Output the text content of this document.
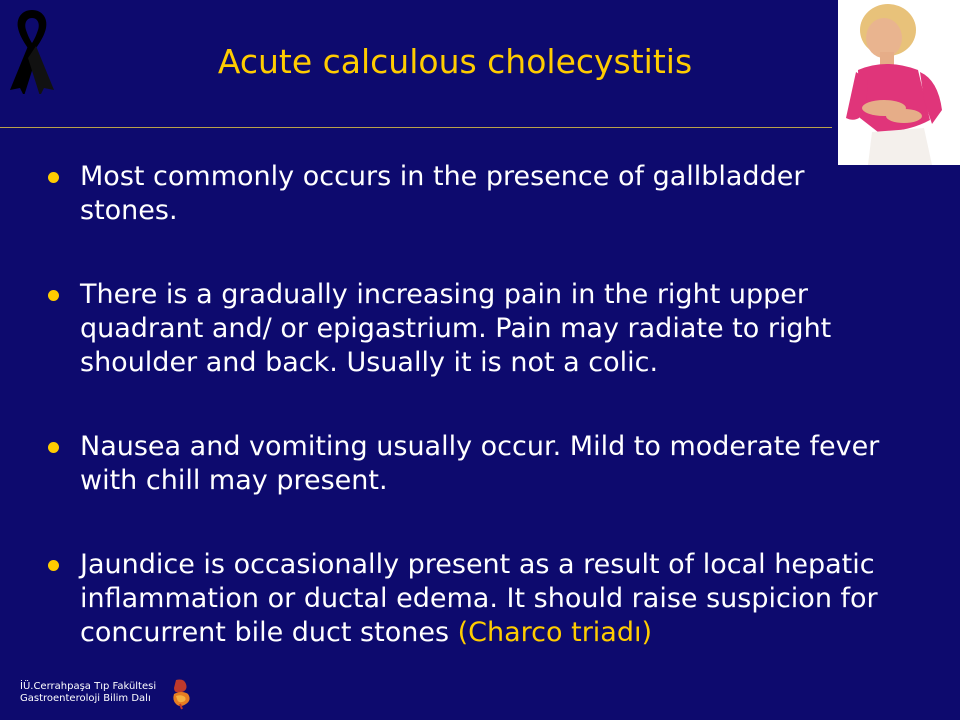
Acute calculous cholecystitis
Most commonly occurs in the presence of gallbladder stones.
There is a gradually increasing pain in the right upper quadrant and/ or epigastrium. Pain may radiate to right shoulder and back. Usually it is not a colic.
Nausea and vomiting usually occur. Mild to moderate fever with chill may present.
Jaundice is occasionally present as a result of local hepatic inflammation or ductal edema. It should raise suspicion for concurrent bile duct stones (Charco triadı)
İÜ.Cerrahpaşa Tıp Fakültesi
Gastroenteroloji Bilim Dalı
